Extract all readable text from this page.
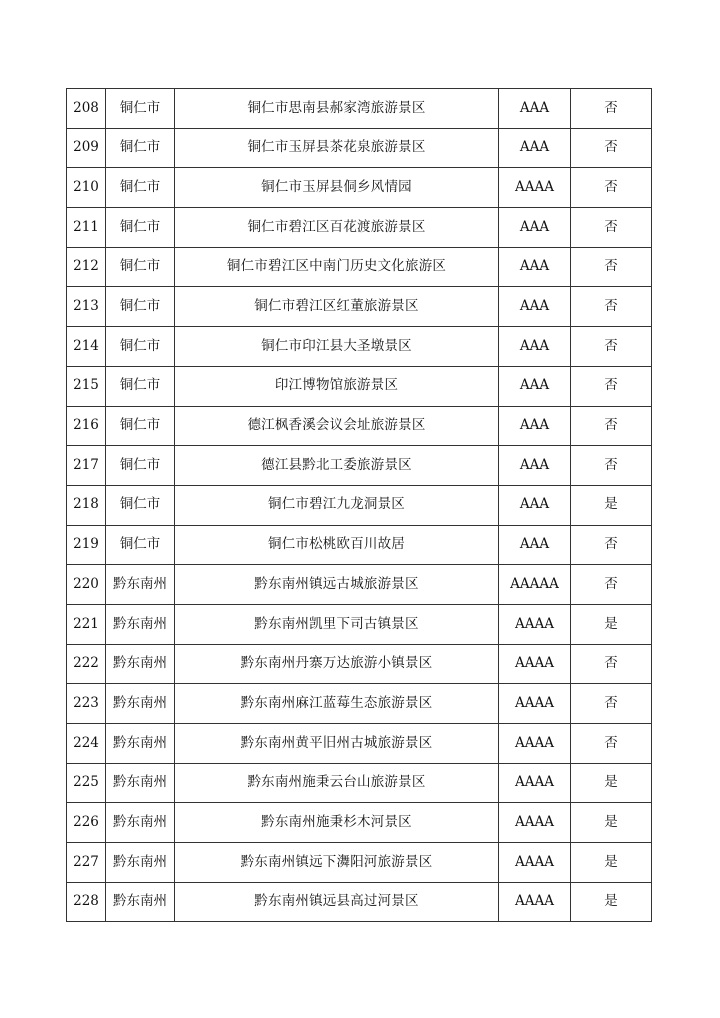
208	铜仁市	铜仁市思南县郝家湾旅游景区	AAA	否
209	铜仁市	铜仁市玉屏县茶花泉旅游景区	AAA	否
210	铜仁市	铜仁市玉屏县侗乡风情园	AAAA	否
211	铜仁市	铜仁市碧江区百花渡旅游景区	AAA	否
212	铜仁市	铜仁市碧江区中南门历史文化旅游区	AAA	否
213	铜仁市	铜仁市碧江区红董旅游景区	AAA	否
214	铜仁市	铜仁市印江县大圣墩景区	AAA	否
215	铜仁市	印江博物馆旅游景区	AAA	否
216	铜仁市	德江枫香溪会议会址旅游景区	AAA	否
217	铜仁市	德江县黔北工委旅游景区	AAA	否
218	铜仁市	铜仁市碧江九龙洞景区	AAA	是
219	铜仁市	铜仁市松桃欧百川故居	AAA	否
220	黔东南州	黔东南州镇远古城旅游景区	AAAAA	否
221	黔东南州	黔东南州凯里下司古镇景区	AAAA	是
222	黔东南州	黔东南州丹寨万达旅游小镇景区	AAAA	否
223	黔东南州	黔东南州麻江蓝莓生态旅游景区	AAAA	否
224	黔东南州	黔东南州黄平旧州古城旅游景区	AAAA	否
225	黔东南州	黔东南州施秉云台山旅游景区	AAAA	是
226	黔东南州	黔东南州施秉杉木河景区	AAAA	是
227	黔东南州	黔东南州镇远下㵲阳河旅游景区	AAAA	是
228	黔东南州	黔东南州镇远县高过河景区	AAAA	是
